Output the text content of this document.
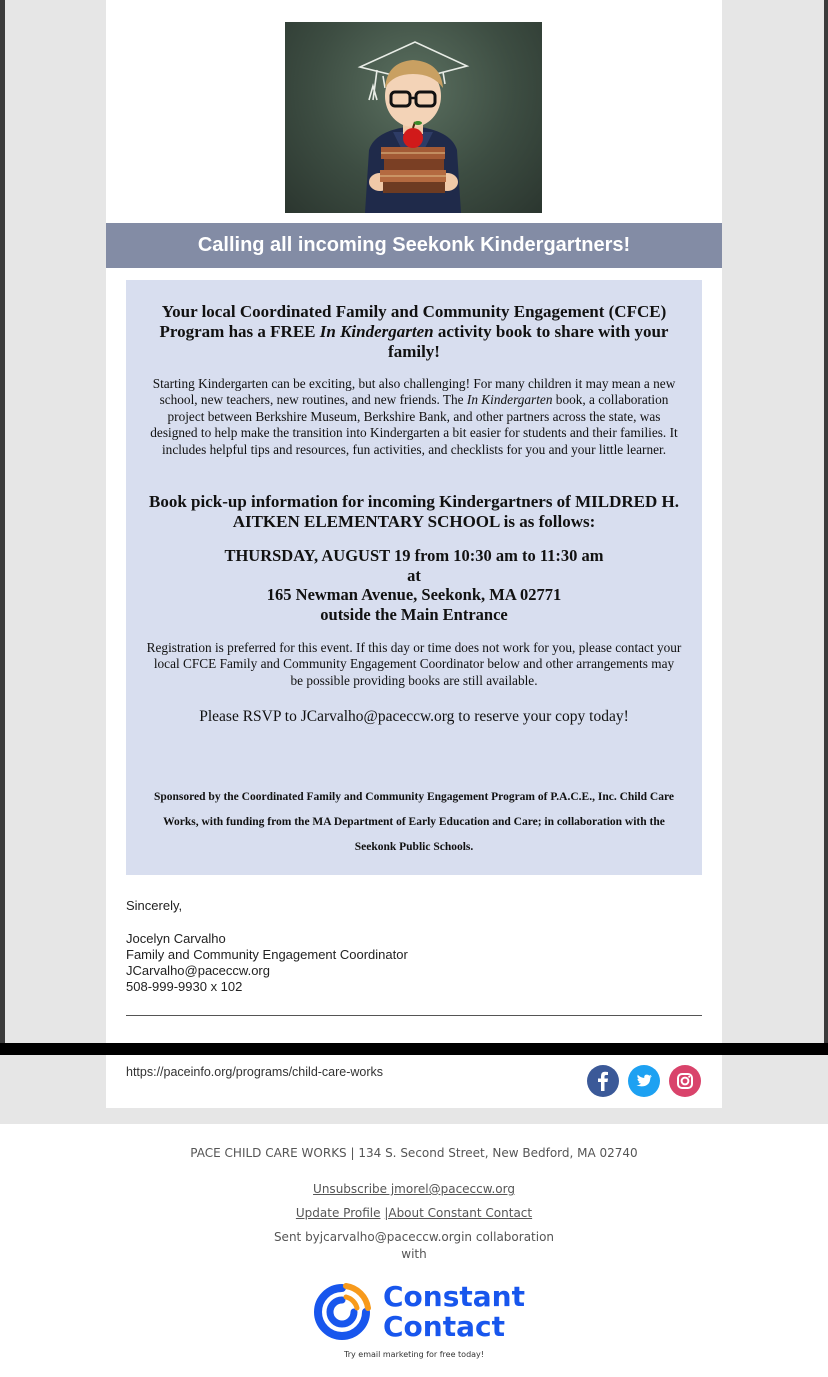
Calling all incoming Seekonk Kindergartners!
Your local Coordinated Family and Community Engagement (CFCE) Program has a FREE In Kindergarten activity book to share with your family!
Starting Kindergarten can be exciting, but also challenging! For many children it may mean a new school, new teachers, new routines, and new friends. The In Kindergarten book, a collaboration project between Berkshire Museum, Berkshire Bank, and other partners across the state, was designed to help make the transition into Kindergarten a bit easier for students and their families. It includes helpful tips and resources, fun activities, and checklists for you and your little learner.
Book pick-up information for incoming Kindergartners of MILDRED H. AITKEN ELEMENTARY SCHOOL is as follows:
THURSDAY, AUGUST 19 from 10:30 am to 11:30 am
at
165 Newman Avenue, Seekonk, MA 02771
outside the Main Entrance
Registration is preferred for this event. If this day or time does not work for you, please contact your local CFCE Family and Community Engagement Coordinator below and other arrangements may be possible providing books are still available.
Please RSVP to JCarvalho@paceccw.org to reserve your copy today!
Sponsored by the Coordinated Family and Community Engagement Program of P.A.C.E., Inc. Child Care Works, with funding from the MA Department of Early Education and Care; in collaboration with the Seekonk Public Schools.
Sincerely,
Jocelyn Carvalho
Family and Community Engagement Coordinator
JCarvalho@paceccw.org
508-999-9930 x 102
https://paceinfo.org/programs/child-care-works
PACE CHILD CARE WORKS | 134 S. Second Street, New Bedford, MA 02740
Unsubscribe jmorel@paceccw.org
Update Profile |About Constant Contact
Sent byjcarvalho@paceccw.orgin collaboration
with
Constant
Contact
Try email marketing for free today!
